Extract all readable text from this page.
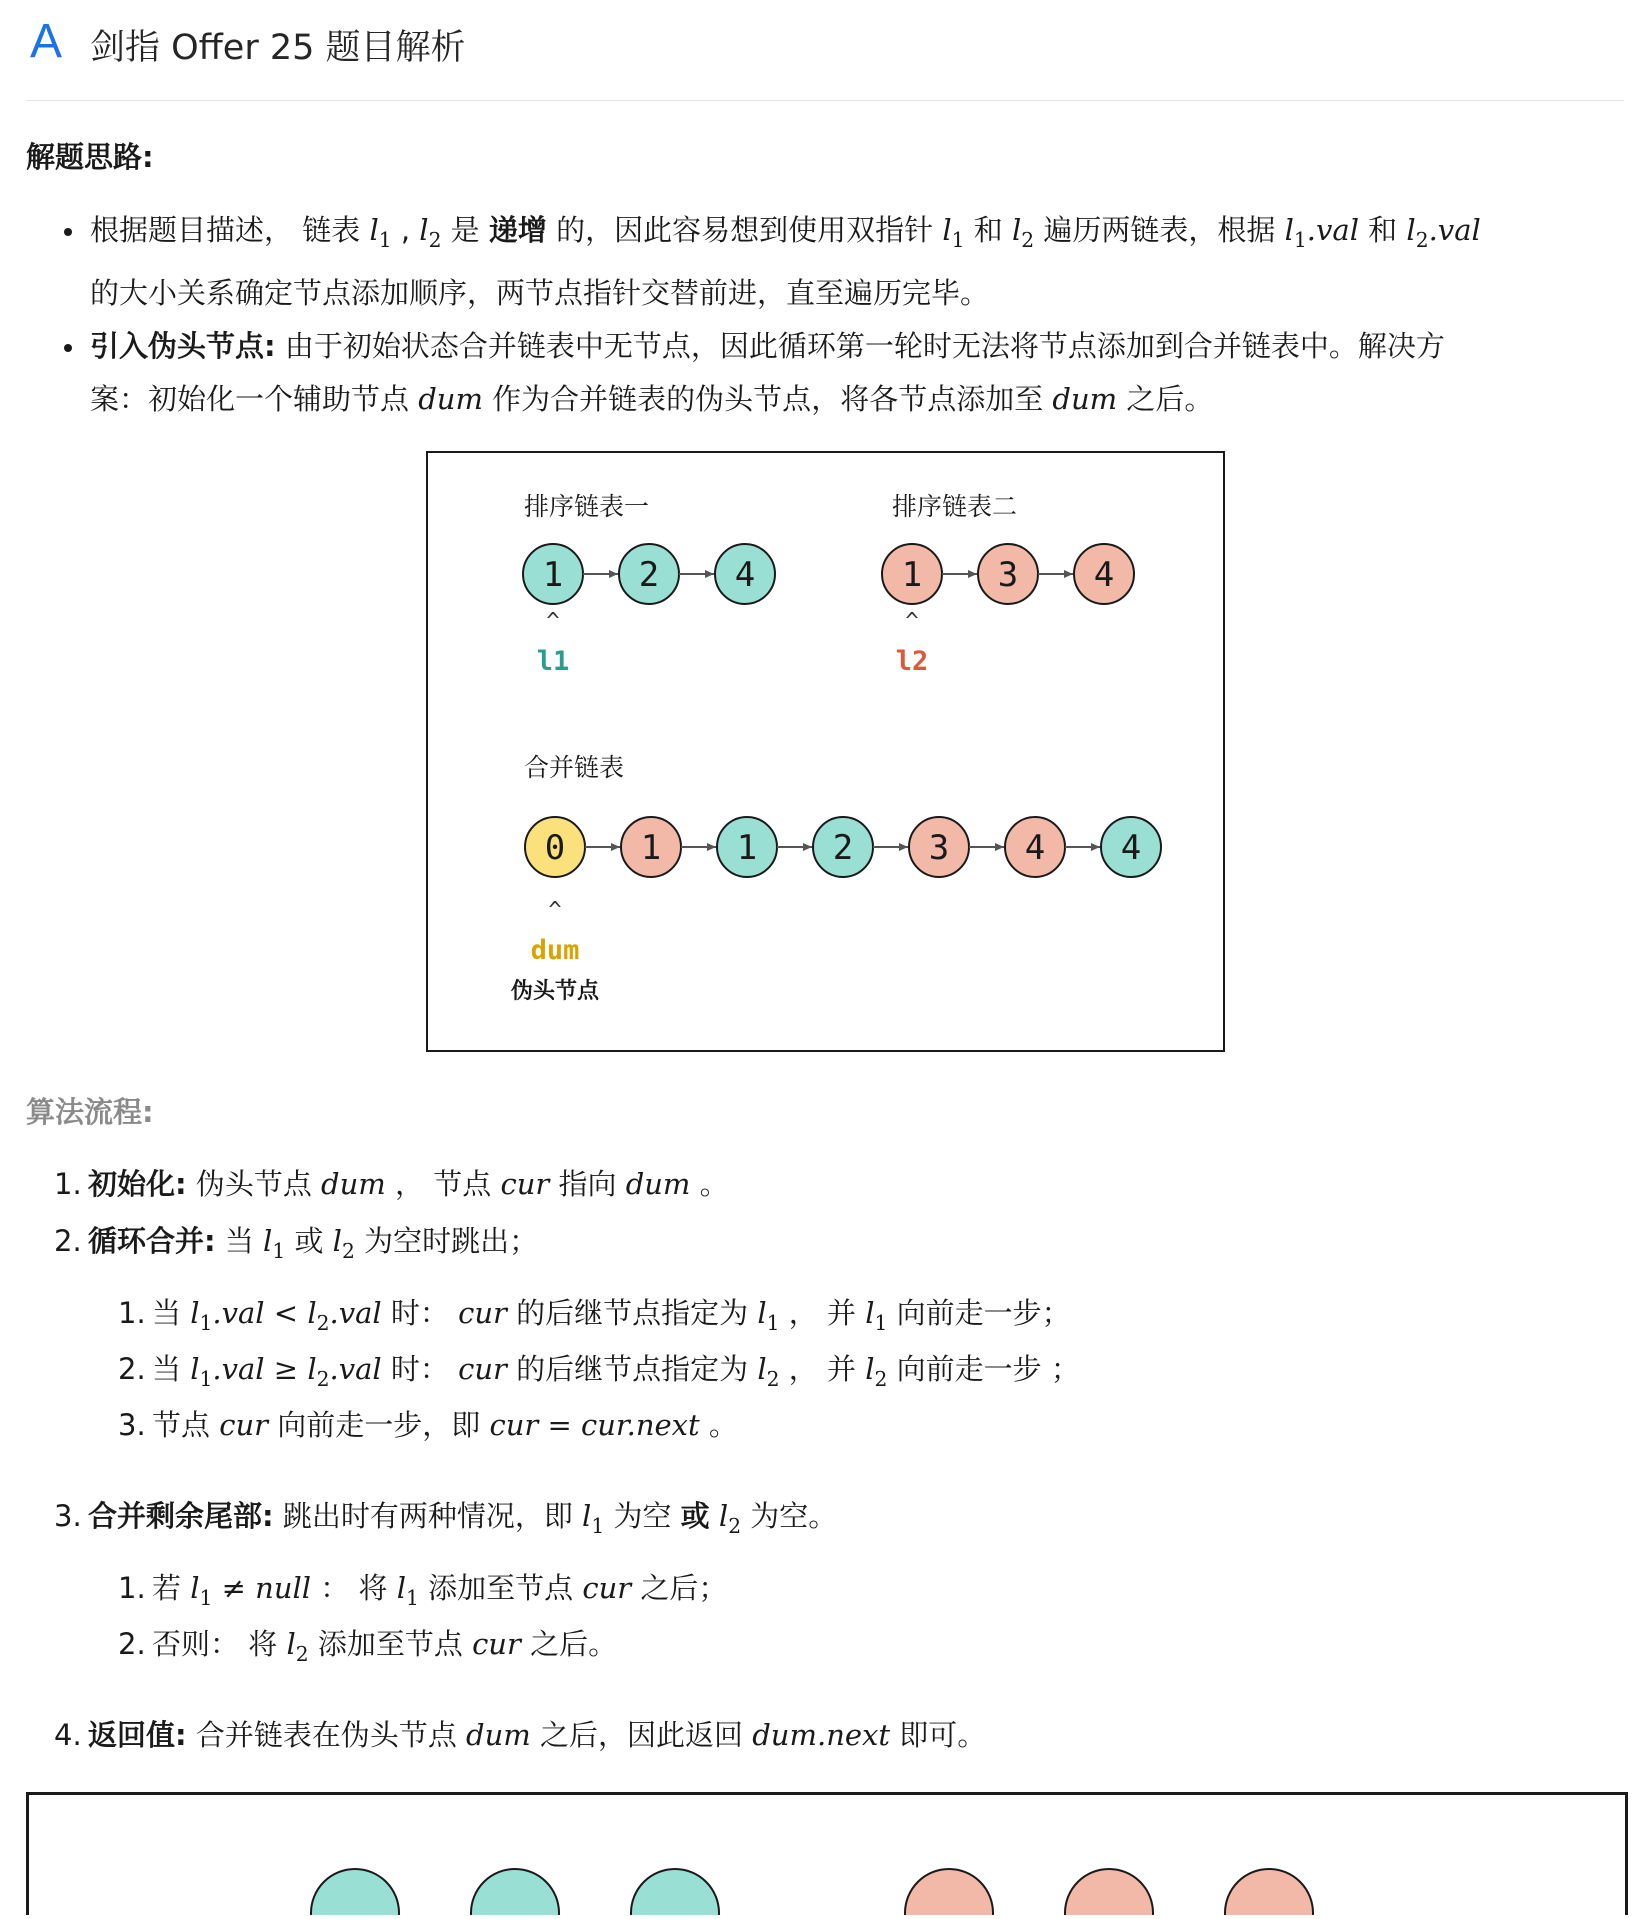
A 剑指 Offer 25 题目解析
解题思路:
根据题目描述， 链表 $l_1$ , $l_2$ 是 递增 的，因此容易想到使用双指针 $l_1$ 和 $l_2$ 遍历两链表，根据 $l_1.val$ 和 $l_2.val$
的大小关系确定节点添加顺序，两节点指针交替前进，直至遍历完毕。
引入伪头节点: 由于初始状态合并链表中无节点，因此循环第一轮时无法将节点添加到合并链表中。解决方
案：初始化一个辅助节点 dum 作为合并链表的伪头节点，将各节点添加至 dum 之后。
排序链表一	排序链表二
合并链表
1 2 4	1 3 4
0 1 1 2 3 4 4
^
l1
^
l2
^
dum
伪头节点
算法流程:
1. 初始化: 伪头节点 dum ， 节点 cur 指向 dum 。
2. 循环合并: 当 $l_1$ 或 $l_2$ 为空时跳出；
1. 当 $l_1.val < l_2.val$ 时： cur 的后继节点指定为 $l_1$ ， 并 $l_1$ 向前走一步；
2. 当 $l_1.val \ge l_2.val$ 时： cur 的后继节点指定为 $l_2$ ， 并 $l_2$ 向前走一步 ；
3. 节点 cur 向前走一步，即 cur = cur.next 。
3. 合并剩余尾部: 跳出时有两种情况，即 $l_1$ 为空 或 $l_2$ 为空。
1. 若 $l_1$ ≠ null ： 将 $l_1$ 添加至节点 cur 之后；
2. 否则： 将 $l_2$ 添加至节点 cur 之后。
4. 返回值: 合并链表在伪头节点 dum 之后，因此返回 dum.next 即可。
